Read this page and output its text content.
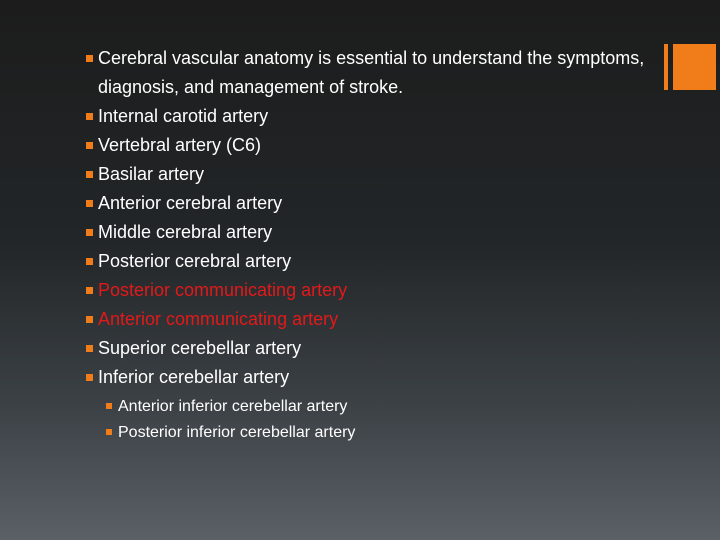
Cerebral vascular anatomy is essential to understand the symptoms, diagnosis, and management of stroke.
Internal carotid artery
Vertebral artery (C6)
Basilar artery
Anterior cerebral artery
Middle cerebral artery
Posterior cerebral artery
Posterior communicating artery
Anterior communicating artery
Superior cerebellar artery
Inferior cerebellar artery
Anterior inferior cerebellar artery
Posterior inferior cerebellar artery
